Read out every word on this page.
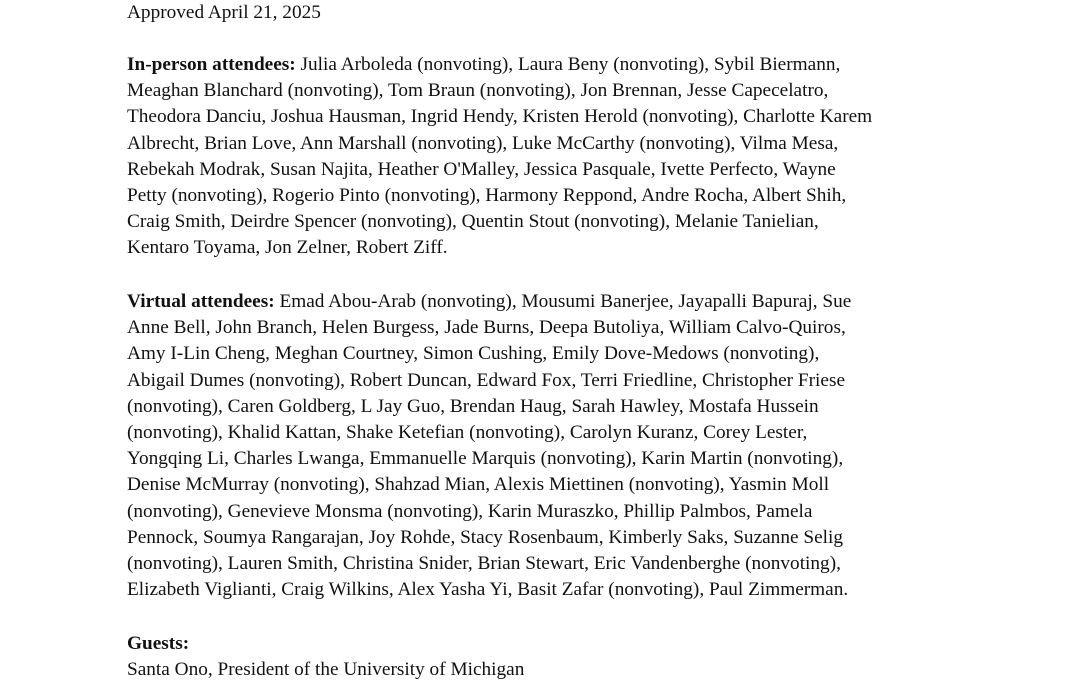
Approved April 21, 2025

In-person attendees: Julia Arboleda (nonvoting), Laura Beny (nonvoting), Sybil Biermann,
Meaghan Blanchard (nonvoting), Tom Braun (nonvoting), Jon Brennan, Jesse Capecelatro,
Theodora Danciu, Joshua Hausman, Ingrid Hendy, Kristen Herold (nonvoting), Charlotte Karem
Albrecht, Brian Love, Ann Marshall (nonvoting), Luke McCarthy (nonvoting), Vilma Mesa,
Rebekah Modrak, Susan Najita, Heather O'Malley, Jessica Pasquale, Ivette Perfecto, Wayne
Petty (nonvoting), Rogerio Pinto (nonvoting), Harmony Reppond, Andre Rocha, Albert Shih,
Craig Smith, Deirdre Spencer (nonvoting), Quentin Stout (nonvoting), Melanie Tanielian,
Kentaro Toyama, Jon Zelner, Robert Ziff.

Virtual attendees: Emad Abou-Arab (nonvoting), Mousumi Banerjee, Jayapalli Bapuraj, Sue
Anne Bell, John Branch, Helen Burgess, Jade Burns, Deepa Butoliya, William Calvo-Quiros,
Amy I-Lin Cheng, Meghan Courtney, Simon Cushing, Emily Dove-Medows (nonvoting),
Abigail Dumes (nonvoting), Robert Duncan, Edward Fox, Terri Friedline, Christopher Friese
(nonvoting), Caren Goldberg, L Jay Guo, Brendan Haug, Sarah Hawley, Mostafa Hussein
(nonvoting), Khalid Kattan, Shake Ketefian (nonvoting), Carolyn Kuranz, Corey Lester,
Yongqing Li, Charles Lwanga, Emmanuelle Marquis (nonvoting), Karin Martin (nonvoting),
Denise McMurray (nonvoting), Shahzad Mian, Alexis Miettinen (nonvoting), Yasmin Moll
(nonvoting), Genevieve Monsma (nonvoting), Karin Muraszko, Phillip Palmbos, Pamela
Pennock, Soumya Rangarajan, Joy Rohde, Stacy Rosenbaum, Kimberly Saks, Suzanne Selig
(nonvoting), Lauren Smith, Christina Snider, Brian Stewart, Eric Vandenberghe (nonvoting),
Elizabeth Viglianti, Craig Wilkins, Alex Yasha Yi, Basit Zafar (nonvoting), Paul Zimmerman.

Guests:
Santa Ono, President of the University of Michigan
